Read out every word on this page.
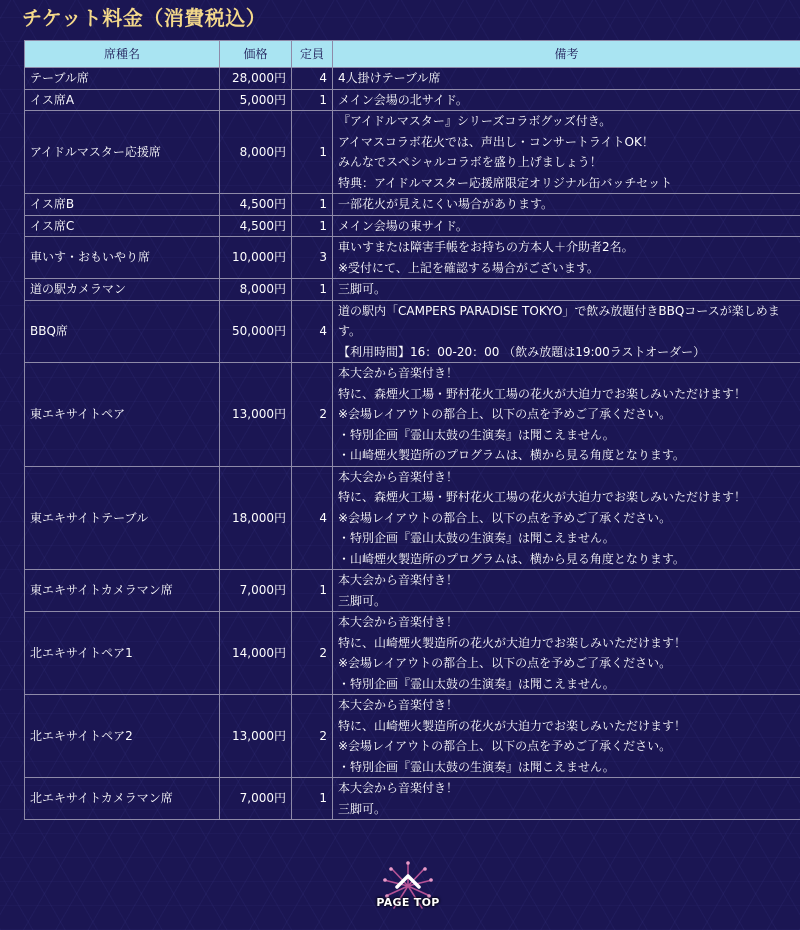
チケット料金（消費税込）
席種名	価格	定員	備考
テーブル席	28,000円	4	4人掛けテーブル席

イス席A	5,000円	1	メイン会場の北サイド。

アイドルマスター応援席	8,000円	1	『アイドルマスター』シリーズコラボグッズ付き。
アイマスコラボ花火では、声出し・コンサートライトOK！
みんなでスペシャルコラボを盛り上げましょう！
特典：アイドルマスター応援席限定オリジナル缶バッチセット

イス席B	4,500円	1	一部花火が見えにくい場合があります。

イス席C	4,500円	1	メイン会場の東サイド。

車いす・おもいやり席	10,000円	3	車いすまたは障害手帳をお持ちの方本人＋介助者2名。
※受付にて、上記を確認する場合がございます。

道の駅カメラマン	8,000円	1	三脚可。

BBQ席	50,000円	4	道の駅内「CAMPERS PARADISE TOKYO」で飲み放題付きBBQコースが楽しめます。
【利用時間】16：00-20：00 （飲み放題は19:00ラストオーダー）

東エキサイトペア	13,000円	2	本大会から音楽付き！
特に、森煙火工場・野村花火工場の花火が大迫力でお楽しみいただけます！
※会場レイアウトの都合上、以下の点を予めご了承ください。
・特別企画『霊山太鼓の生演奏』は聞こえません。
・山崎煙火製造所のプログラムは、横から見る角度となります。

東エキサイトテーブル	18,000円	4	本大会から音楽付き！
特に、森煙火工場・野村花火工場の花火が大迫力でお楽しみいただけます！
※会場レイアウトの都合上、以下の点を予めご了承ください。
・特別企画『霊山太鼓の生演奏』は聞こえません。
・山崎煙火製造所のプログラムは、横から見る角度となります。

東エキサイトカメラマン席	7,000円	1	本大会から音楽付き！
三脚可。

北エキサイトペア1	14,000円	2	本大会から音楽付き！
特に、山崎煙火製造所の花火が大迫力でお楽しみいただけます！
※会場レイアウトの都合上、以下の点を予めご了承ください。
・特別企画『霊山太鼓の生演奏』は聞こえません。

北エキサイトペア2	13,000円	2	本大会から音楽付き！
特に、山崎煙火製造所の花火が大迫力でお楽しみいただけます！
※会場レイアウトの都合上、以下の点を予めご了承ください。
・特別企画『霊山太鼓の生演奏』は聞こえません。

北エキサイトカメラマン席	7,000円	1	本大会から音楽付き！
三脚可。
PAGE TOP
